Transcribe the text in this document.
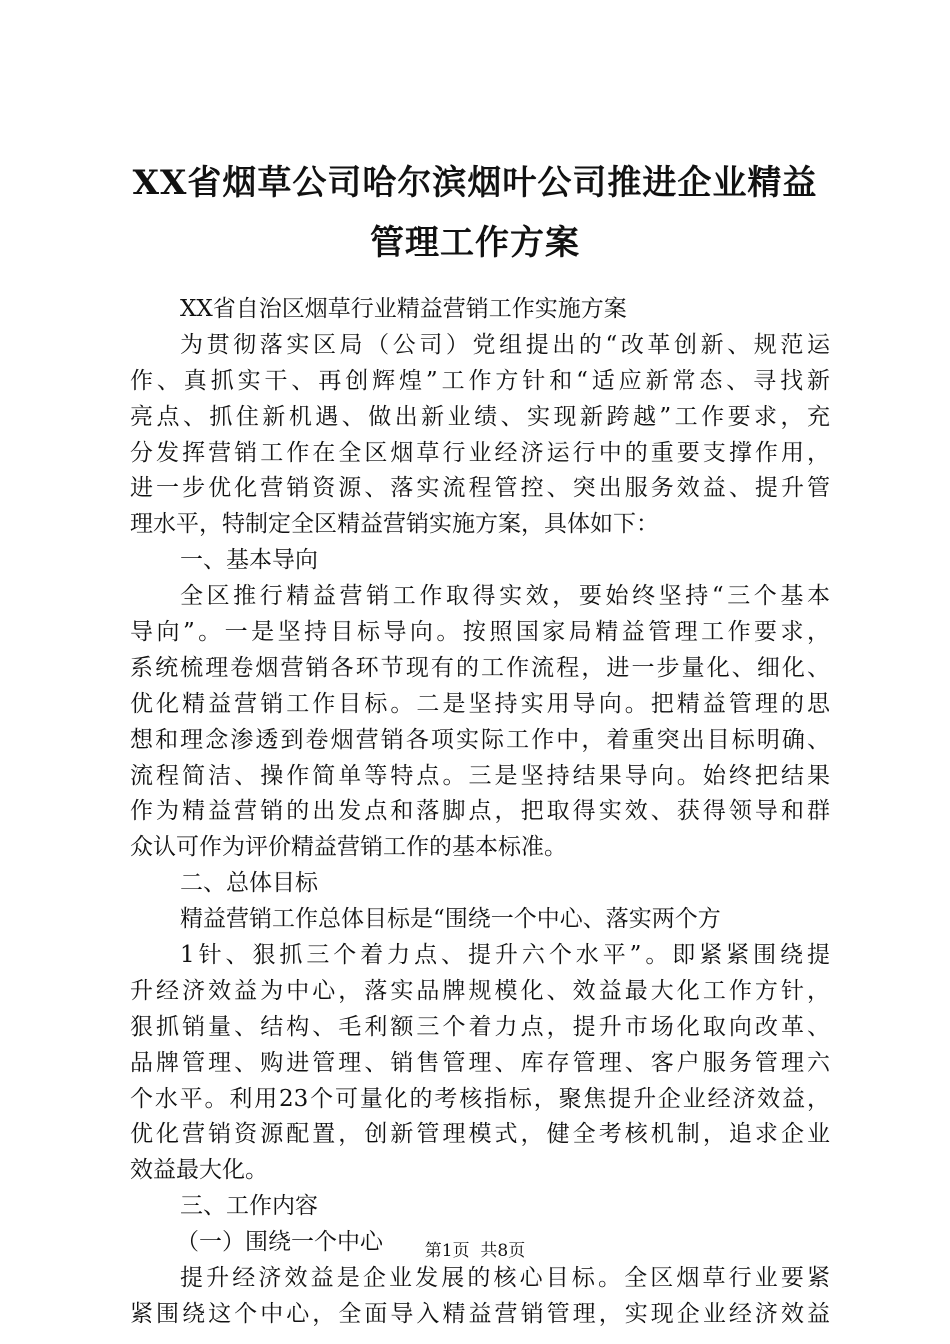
XX省烟草公司哈尔滨烟叶公司推进企业精益
管理工作方案
XX省自治区烟草行业精益营销工作实施方案
为贯彻落实区局（公司）党组提出的“改革创新、规范运
作、真抓实干、再创辉煌”工作方针和“适应新常态、寻找新
亮点、抓住新机遇、做出新业绩、实现新跨越”工作要求，充
分发挥营销工作在全区烟草行业经济运行中的重要支撑作用，
进一步优化营销资源、落实流程管控、突出服务效益、提升管
理水平，特制定全区精益营销实施方案，具体如下：
一、基本导向
全区推行精益营销工作取得实效，要始终坚持“三个基本
导向”。一是坚持目标导向。按照国家局精益管理工作要求，
系统梳理卷烟营销各环节现有的工作流程，进一步量化、细化、
优化精益营销工作目标。二是坚持实用导向。把精益管理的思
想和理念渗透到卷烟营销各项实际工作中，着重突出目标明确、
流程简洁、操作简单等特点。三是坚持结果导向。始终把结果
作为精益营销的出发点和落脚点，把取得实效、获得领导和群
众认可作为评价精益营销工作的基本标准。
二、总体目标
精益营销工作总体目标是“围绕一个中心、落实两个方
1针、狠抓三个着力点、提升六个水平”。即紧紧围绕提
升经济效益为中心，落实品牌规模化、效益最大化工作方针，
狠抓销量、结构、毛利额三个着力点，提升市场化取向改革、
品牌管理、购进管理、销售管理、库存管理、客户服务管理六
个水平。利用23个可量化的考核指标，聚焦提升企业经济效益，
优化营销资源配置，创新管理模式，健全考核机制，追求企业
效益最大化。
三、工作内容
（一）围绕一个中心
提升经济效益是企业发展的核心目标。全区烟草行业要紧
紧围绕这个中心，全面导入精益营销管理，实现企业经济效益
第1页  共8页
